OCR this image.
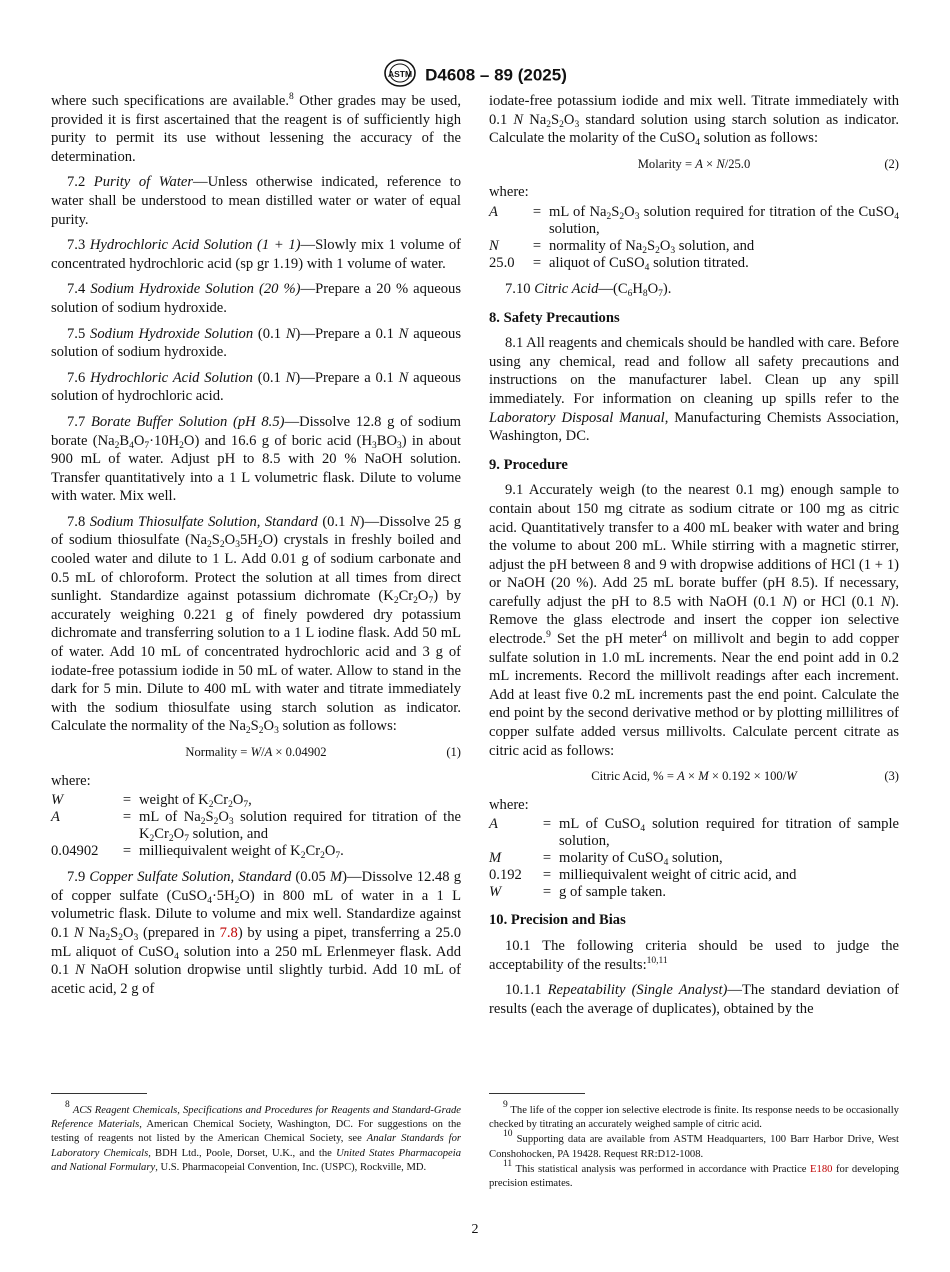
ASTM D4608 – 89 (2025)

where such specifications are available.$^8$ Other grades may be used, provided it is first ascertained that the reagent is of sufficiently high purity to permit its use without lessening the accuracy of the determination.

7.2 Purity of Water—Unless otherwise indicated, reference to water shall be understood to mean distilled water or water of equal purity.

7.3 Hydrochloric Acid Solution (1 + 1)—Slowly mix 1 volume of concentrated hydrochloric acid (sp gr 1.19) with 1 volume of water.

7.4 Sodium Hydroxide Solution (20 %)—Prepare a 20 % aqueous solution of sodium hydroxide.

7.5 Sodium Hydroxide Solution (0.1 N)—Prepare a 0.1 N aqueous solution of sodium hydroxide.

7.6 Hydrochloric Acid Solution (0.1 N)—Prepare a 0.1 N aqueous solution of hydrochloric acid.

7.7 Borate Buffer Solution (pH 8.5)—Dissolve 12.8 g of sodium borate $(Na_2B_4O_7\cdot 10H_2O)$ and 16.6 g of boric acid $(H_3BO_3)$ in about 900 mL of water. Adjust pH to 8.5 with 20 % NaOH solution. Transfer quantitatively into a 1 L volumetric flask. Dilute to volume with water. Mix well.

7.8 Sodium Thiosulfate Solution, Standard (0.1 N)—Dissolve 25 g of sodium thiosulfate $(Na_2S_2O_35H_2O)$ crystals in freshly boiled and cooled water and dilute to 1 L. Add 0.01 g of sodium carbonate and 0.5 mL of chloroform. Protect the solution at all times from direct sunlight. Standardize against potassium dichromate $(K_2Cr_2O_7)$ by accurately weighing 0.221 g of finely powdered dry potassium dichromate and transferring solution to a 1 L iodine flask. Add 50 mL of water. Add 10 mL of concentrated hydrochloric acid and 3 g of iodate-free potassium iodide in 50 mL of water. Allow to stand in the dark for 5 min. Dilute to 400 mL with water and titrate immediately with the sodium thiosulfate using starch solution as indicator. Calculate the normality of the $Na_2S_2O_3$ solution as follows:

Normality = W/A × 0.04902	(1)
where:
W	=	weight of $K_2Cr_2O_7$,
A	=	mL of $Na_2S_2O_3$ solution required for titration of the $K_2Cr_2O_7$ solution, and
0.04902	=	milliequivalent weight of $K_2Cr_2O_7$.

7.9 Copper Sulfate Solution, Standard (0.05 M)—Dissolve 12.48 g of copper sulfate $(CuSO_4\cdot 5H_2O)$ in 800 mL of water in a 1 L volumetric flask. Dilute to volume and mix well. Standardize against 0.1 N $Na_2S_2O_3$ (prepared in 7.8) by using a pipet, transferring a 25.0 mL aliquot of CuSO$_4$ solution into a 250 mL Erlenmeyer flask. Add 0.1 N NaOH solution dropwise until slightly turbid. Add 10 mL of acetic acid, 2 g of

iodate-free potassium iodide and mix well. Titrate immediately with 0.1 N $Na_2S_2O_3$ standard solution using starch solution as indicator. Calculate the molarity of the CuSO$_4$ solution as follows:

Molarity = A × N/25.0	(2)
where:
A	=	mL of $Na_2S_2O_3$ solution required for titration of the CuSO$_4$ solution,
N	=	normality of $Na_2S_2O_3$ solution, and
25.0	=	aliquot of CuSO$_4$ solution titrated.

7.10 Citric $Acid—(C_6H_8O_7)$.

8. Safety Precautions

8.1 All reagents and chemicals should be handled with care. Before using any chemical, read and follow all safety precautions and instructions on the manufacturer label. Clean up any spill immediately. For information on cleaning up spills refer to the Laboratory Disposal Manual, Manufacturing Chemists Association, Washington, DC.

9. Procedure

9.1 Accurately weigh (to the nearest 0.1 mg) enough sample to contain about 150 mg citrate as sodium citrate or 100 mg as citric acid. Quantitatively transfer to a 400 mL beaker with water and bring the volume to about 200 mL. While stirring with a magnetic stirrer, adjust the pH between 8 and 9 with dropwise additions of HCl (1 + 1) or NaOH (20 %). Add 25 mL borate buffer (pH 8.5). If necessary, carefully adjust the pH to 8.5 with NaOH (0.1 N) or HCl (0.1 N). Remove the glass electrode and insert the copper ion selective electrode.$^9$ Set the pH meter$^4$ on millivolt and begin to add copper sulfate solution in 1.0 mL increments. Near the end point add in 0.2 mL increments. Record the millivolt readings after each increment. Add at least five 0.2 mL increments past the end point. Calculate the end point by the second derivative method or by plotting millilitres of copper sulfate added versus millivolts. Calculate percent citrate as citric acid as follows:

Citric Acid, % = A × M × 0.192 × 100/W	(3)
where:
A	=	mL of CuSO$_4$ solution required for titration of sample solution,
M	=	molarity of CuSO$_4$ solution,
0.192	=	milliequivalent weight of citric acid, and
W	=	g of sample taken.
10. Precision and Bias

10.1 The following criteria should be used to judge the acceptability of the results:$^{10,11}$

10.1.1 Repeatability (Single Analyst)—The standard deviation of results (each the average of duplicates), obtained by the

$^8$ ACS Reagent Chemicals, Specifications and Procedures for Reagents and Standard-Grade Reference Materials, American Chemical Society, Washington, DC. For suggestions on the testing of reagents not listed by the American Chemical Society, see Analar Standards for Laboratory Chemicals, BDH Ltd., Poole, Dorset, U.K., and the United States Pharmacopeia and National Formulary, U.S. Pharmacopeial Convention, Inc. (USPC), Rockville, MD.

$^9$ The life of the copper ion selective electrode is finite. Its response needs to be occasionally checked by titrating an accurately weighed sample of citric acid.

$^{10}$ Supporting data are available from ASTM Headquarters, 100 Barr Harbor Drive, West Conshohocken, PA 19428. Request RR:D12-1008.

$^{11}$ This statistical analysis was performed in accordance with Practice E180 for developing precision estimates.

2
